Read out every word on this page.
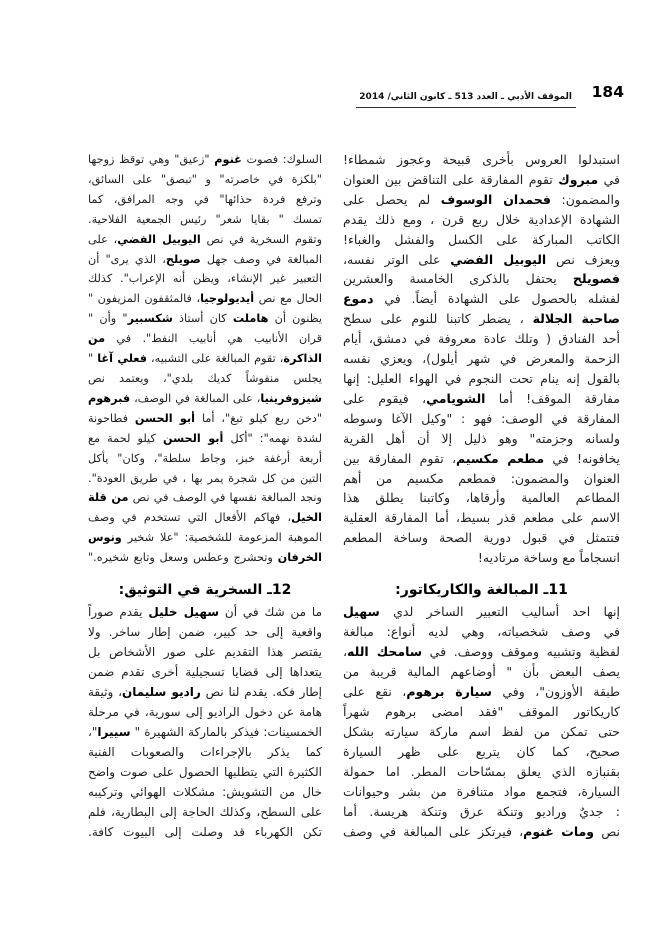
184
الموقف الأدبي ـ العدد 513 ـ كانون الثاني/ 2014
استبدلوا العروس بأخرى قبيحة وعجوز شمطاء!
في مبروك تقوم المفارقة على التناقض بين العنوان
والمضمون: فحمدان الوسوف لم يحصل على
الشهادة الإعدادية خلال ربع قرن ، ومع ذلك يقدم
الكاتب المباركة على الكسل والفشل والغباء!
ويعزف نص اليوبيل الفضي على الوتر نفسه،
فصويلح يحتفل بالذكرى الخامسة والعشرين
لفشله بالحصول على الشهادة أيضاً. في دموع
صاحبة الجلالة ، يضطر كاتبنا للنوم على سطح
أحد الفنادق ( وتلك عادة معروفة في دمشق، أيام
الزحمة والمعرض في شهر أيلول)، ويعزي نفسه
بالقول إنه ينام تحت النجوم في الهواء العليل: إنها
مفارقة الموقف! أما الشويامي، فيقوم على
المفارقة في الوصف: فهو : "وكيل الآغا وسوطه
ولسانه وجزمته" وهو ذليل إلا أن أهل القرية
يخافونه! في مطعم مكسيم، تقوم المفارقة بين
العنوان والمضمون: فمطعم مكسيم من أهم
المطاعم العالمية وأرقاها، وكاتبنا يطلق هذا
الاسم على مطعم قذر بسيط، أما المفارقة العقلية
فتتمثل في قبول دورية الصحة وساخة المطعم
انسجاماً مع وساخة مرتاديه!
11ـ المبالغة والكاريكاتور:
إنها احد أساليب التعبير الساخر لدي سهيل
في وصف شخصياته، وهي لديه أنواع: مبالغة
لفظية وتشبيه وموقف ووصف. في سامحك الله،
يصف البعض بأن " أوضاعهم المالية قريبة من
طبقة الأوزون"، وفي سيارة برهوم، نقع على
كاريكاتور الموقف "فقد امضى برهوم شهراً
حتى تمكن من لفظ اسم ماركة سيارته بشكل
صحيح، كما كان يتربع على ظهر السيارة
بقنبازه الذي يعلق بمسّاحات المطر. اما حمولة
السيارة، فتجمع مواد متنافرة من بشر وحيوانات
: جديٌ وراديو وتنكة عرق وتنكة هريسة. أما
نص ومات غنوم، فيرتكز على المبالغة في وصف
السلوك: فصوت غنوم "زعيق" وهي توقظ زوجها
"بلكزة في خاصرته" و "تبصق" على السائق،
وترفع فردة حذائها" في وجه المرافق، كما
تمسك " بقايا شعر" رئيس الجمعية الفلاحية.
وتقوم السخرية في نص اليوبيل الفضي، على
المبالغة في وصف جهل صويلح، الذي يرى" أن
التعبير غير الإنشاء، ويظن أنه الإعراب". كذلك
الحال مع نص أيديولوجيا، فالمثقفون المزيفون "
يظنون أن هاملت كان أستاذ شكسبير" وأن "
قران الأنابيب هي أنابيب النفط". في من
الذاكرة، تقوم المبالغة على التشبيه، فعلي آغا "
يجلس منفوشاً كديك بلدي"، ويعتمد نص
شيزوفرينيا، على المبالغة في الوصف، فبرهوم
"دخن ربع كيلو تبغ"، أما أبو الحسن فطاحونة
لشدة نهمه": "أكل أبو الحسن كيلو لحمة مع
أربعة أرغفة خبز، وجاط سلطة"، وكان" يأكل
التين من كل شجرة يمر بها ، في طريق العودة".
ونجد المبالغة نفسها في الوصف في نص من قلة
الخيل، فهاكم الأفعال التي تستخدم في وصف
الموهبة المزعومة للشخصية: "علا شخير ونوس
الخرفان وتحشرج وعطس وسعل وتابع شخيره."
12ـ السخرية في التوثيق:
ما من شك في أن سهيل خليل يقدم صوراً
واقعية إلى حد كبير، ضمن إطار ساخر. ولا
يقتصر هذا التقديم على صور الأشخاص بل
يتعداها إلى قضايا تسجيلية أخرى تقدم ضمن
إطار فكه. يقدم لنا نص راديو سليمان، وثيقة
هامة عن دخول الراديو إلى سورية، في مرحلة
الخمسينات: فيذكر بالماركة الشهيرة " سييرا"،
كما يذكر بالإجراءات والصعوبات الفنية
الكثيرة التي يتطلبها الحصول على صوت واضح
خال من التشويش: مشكلات الهوائي وتركيبه
على السطح، وكذلك الحاجة إلى البطارية، فلم
تكن الكهرباء قد وصلت إلى البيوت كافة.
